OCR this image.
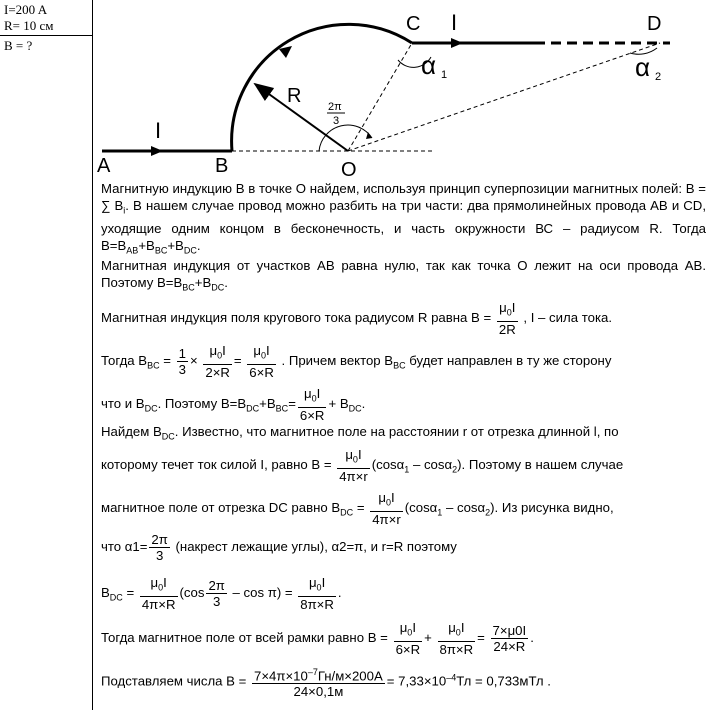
I=200 A
R= 10 см
B = ?
A	B
C	D
O
I
I
R 2π
3
α 1	α 2
Магнитную индукцию В в точке О найдем, используя принцип суперпозиции магнитных полей: B = ∑ $B_i$. В нашем случае провод можно разбить на три части: два прямолинейных провода АВ и CD, уходящие одним концом в бесконечность, и часть окружности ВС – радиусом R. Тогда $В=В_{AB}+В_{BC}+В_{DC}$.
Магнитная индукция от участков АВ равна нулю, так как точка О лежит на оси провода АВ. Поэтому $В=В_{BC}+В_{DC}$.
Магнитная индукция поля кругового тока радиусом R равна $B = \frac{\mu_0I}{2R}$ , I – сила тока.
Тогда $B_{BC} = \frac{1}{3} \times \frac{\mu_0I}{2\times R} = \frac{\mu_0I}{6\times R}$ . Причем вектор $В_{BC}$ будет направлен в ту же сторону
что и $В_{DC}$. Поэтому $В=В_{DC}+В_{BC}= \frac{\mu_0I}{6\times R} + B_{DC}$.
Найдем $В_{DC}$. Известно, что магнитное поле на расстоянии r от отрезка длинной l, по
которому течет ток силой I, равно $B = \frac{\mu_0I}{4\pi\times r} (\cos\alpha_1 - \cos\alpha_2)$. Поэтому в нашем случае
магнитное поле от отрезка DC равно $B_{DC} = \frac{\mu_0I}{4\pi\times r} (\cos\alpha_1 - \cos\alpha_2)$. Из рисунка видно,
что $\alpha 1= \frac{2\pi}{3}$ (накрест лежащие углы), α2=π, и r=R поэтому
$B_{DC} = \frac{\mu_0I}{4\pi\times R} (\cos \frac{2\pi}{3} - \cos \pi) = \frac{\mu_0I}{8\pi\times R}$ .
Тогда магнитное поле от всей рамки равно $B = \frac{\mu_0I}{6\times R} + \frac{\mu_0I}{8\pi\times R} = \frac{7\times\mu 0I}{24\times R}$ .
Подставляем числа $B = \frac{7\times 4\pi\times 10^{-7}Гн/м\times 200A}{24\times 0,1м} = 7,33\times 10^{-4}Тл = 0,733мТл$ .
